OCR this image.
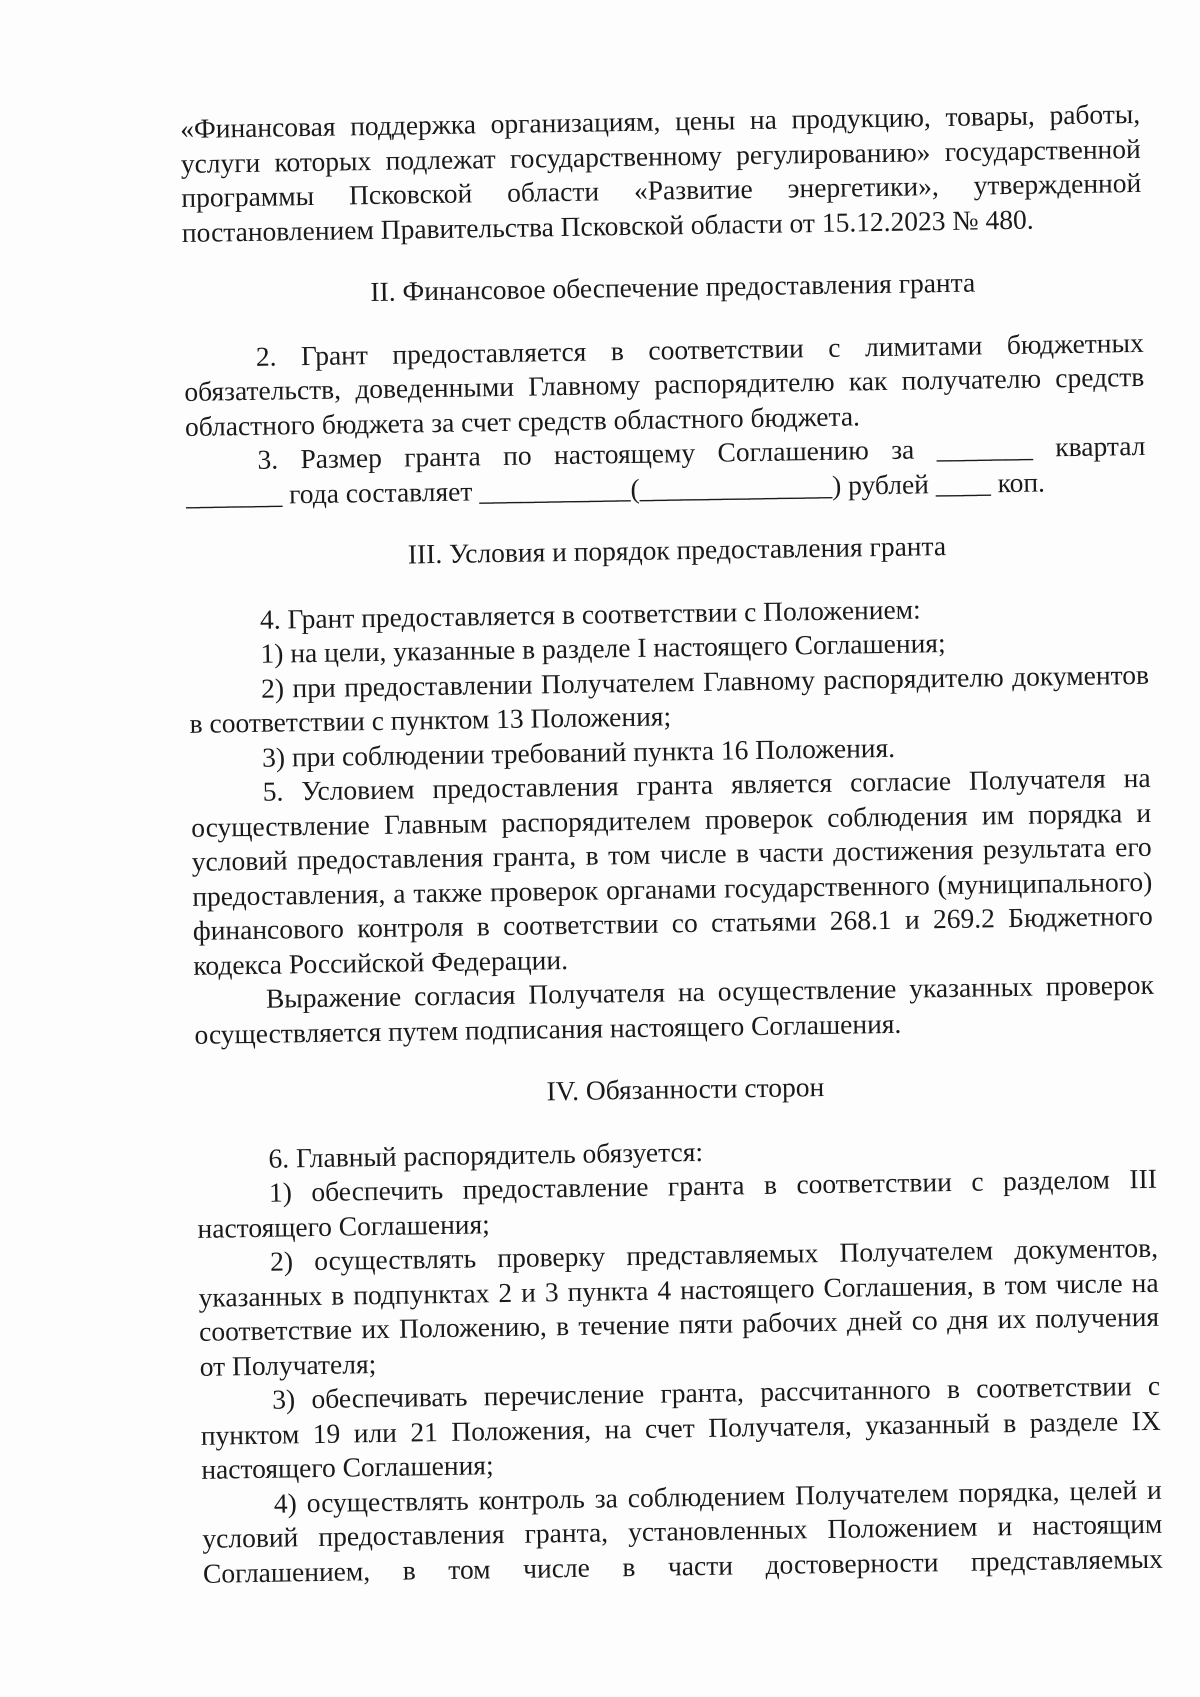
«Финансовая поддержка организациям, цены на продукцию, товары, работы, услуги которых подлежат государственному регулированию» государственной программы Псковской области «Развитие энергетики», утвержденной постановлением Правительства Псковской области от 15.12.2023 № 480.

II. Финансовое обеспечение предоставления гранта

2. Грант предоставляется в соответствии с лимитами бюджетных обязательств, доведенными Главному распорядителю как получателю средств областного бюджета за счет средств областного бюджета.

3. Размер гранта по настоящему Соглашению за _______ квартал

_______ года составляет ___________(______________) рублей ____ коп.

III. Условия и порядок предоставления гранта

4. Грант предоставляется в соответствии с Положением:

1) на цели, указанные в разделе I настоящего Соглашения;

2) при предоставлении Получателем Главному распорядителю документов в соответствии с пунктом 13 Положения;

3) при соблюдении требований пункта 16 Положения.

5. Условием предоставления гранта является согласие Получателя на осуществление Главным распорядителем проверок соблюдения им порядка и условий предоставления гранта, в том числе в части достижения результата его предоставления, а также проверок органами государственного (муниципального) финансового контроля в соответствии со статьями 268.1 и 269.2 Бюджетного кодекса Российской Федерации.

Выражение согласия Получателя на осуществление указанных проверок осуществляется путем подписания настоящего Соглашения.

IV. Обязанности сторон

6. Главный распорядитель обязуется:

1) обеспечить предоставление гранта в соответствии с разделом III настоящего Соглашения;

2) осуществлять проверку представляемых Получателем документов, указанных в подпунктах 2 и 3 пункта 4 настоящего Соглашения, в том числе на соответствие их Положению, в течение пяти рабочих дней со дня их получения от Получателя;

3) обеспечивать перечисление гранта, рассчитанного в соответствии с пунктом 19 или 21 Положения, на счет Получателя, указанный в разделе IX настоящего Соглашения;

4) осуществлять контроль за соблюдением Получателем порядка, целей и условий предоставления гранта, установленных Положением и настоящим Соглашением, в том числе в части достоверности представляемых
